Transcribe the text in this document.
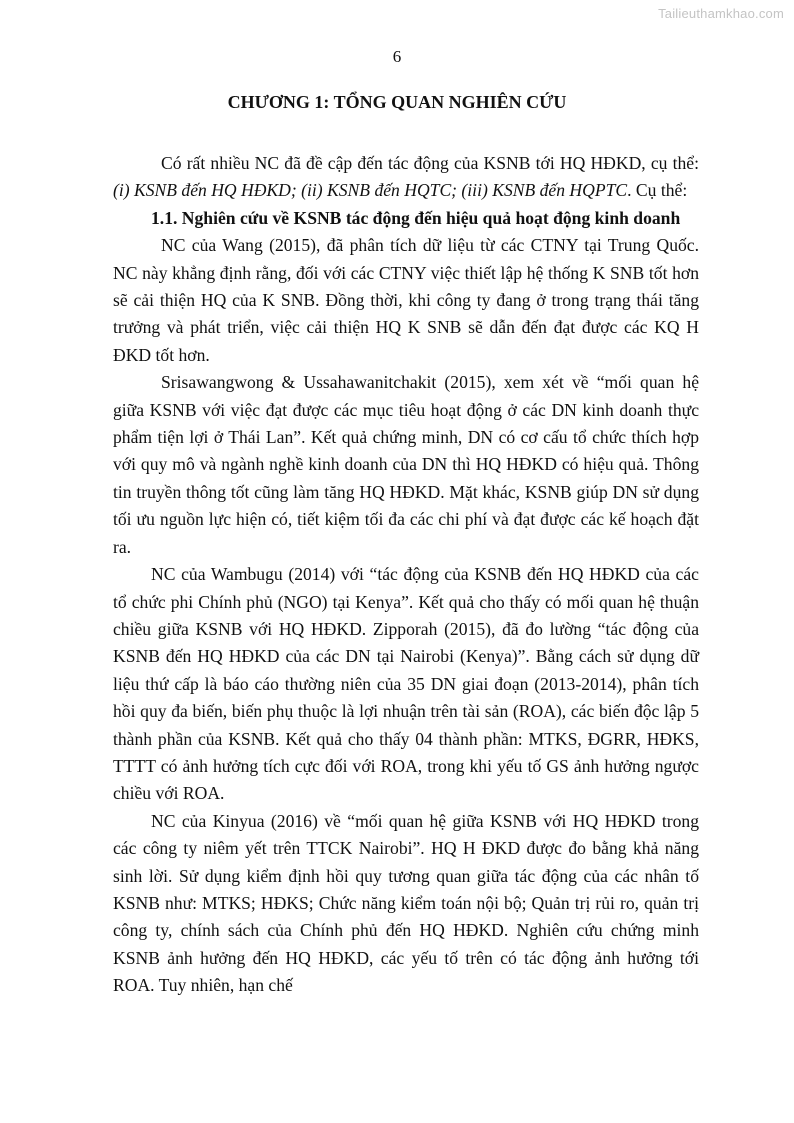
Tailieuthamkhao.com
6
CHƯƠNG 1: TỔNG QUAN NGHIÊN CỨU

Có rất nhiều NC đã đề cập đến tác động của KSNB tới HQ HĐKD, cụ thể: (i) KSNB đến HQ HĐKD; (ii) KSNB đến HQTC; (iii) KSNB đến HQPTC. Cụ thể:

1.1. Nghiên cứu về KSNB tác động đến hiệu quả hoạt động kinh doanh

NC của Wang (2015), đã phân tích dữ liệu từ các CTNY tại Trung Quốc. NC này khẳng định rằng, đối với các CTNY việc thiết lập hệ thống K SNB tốt hơn sẽ cải thiện HQ của K SNB. Đồng thời, khi công ty đang ở trong trạng thái tăng trưởng và phát triển, việc cải thiện HQ K SNB sẽ dẫn đến đạt được các KQ H ĐKD tốt hơn.

Srisawangwong & Ussahawanitchakit (2015), xem xét về “mối quan hệ giữa KSNB với việc đạt được các mục tiêu hoạt động ở các DN kinh doanh thực phẩm tiện lợi ở Thái Lan”. Kết quả chứng minh, DN có cơ cấu tổ chức thích hợp với quy mô và ngành nghề kinh doanh của DN thì HQ HĐKD có hiệu quả. Thông tin truyền thông tốt cũng làm tăng HQ HĐKD. Mặt khác, KSNB giúp DN sử dụng tối ưu nguồn lực hiện có, tiết kiệm tối đa các chi phí và đạt được các kế hoạch đặt ra.

NC của Wambugu (2014) với “tác động của KSNB đến HQ HĐKD của các tổ chức phi Chính phủ (NGO) tại Kenya”. Kết quả cho thấy có mối quan hệ thuận chiều giữa KSNB với HQ HĐKD. Zipporah (2015), đã đo lường “tác động của KSNB đến HQ HĐKD của các DN tại Nairobi (Kenya)”. Bằng cách sử dụng dữ liệu thứ cấp là báo cáo thường niên của 35 DN giai đoạn (2013-2014), phân tích hồi quy đa biến, biến phụ thuộc là lợi nhuận trên tài sản (ROA), các biến độc lập 5 thành phần của KSNB. Kết quả cho thấy 04 thành phần: MTKS, ĐGRR, HĐKS, TTTT có ảnh hưởng tích cực đối với ROA, trong khi yếu tố GS ảnh hưởng ngược chiều với ROA.

NC của Kinyua (2016) về “mối quan hệ giữa KSNB với HQ HĐKD trong các công ty niêm yết trên TTCK Nairobi”. HQ H ĐKD được đo bằng khả năng sinh lời. Sử dụng kiểm định hồi quy tương quan giữa tác động của các nhân tố KSNB như: MTKS; HĐKS; Chức năng kiểm toán nội bộ; Quản trị rủi ro, quản trị công ty, chính sách của Chính phủ đến HQ HĐKD. Nghiên cứu chứng minh KSNB ảnh hưởng đến HQ HĐKD, các yếu tố trên có tác động ảnh hưởng tới ROA. Tuy nhiên, hạn chế
